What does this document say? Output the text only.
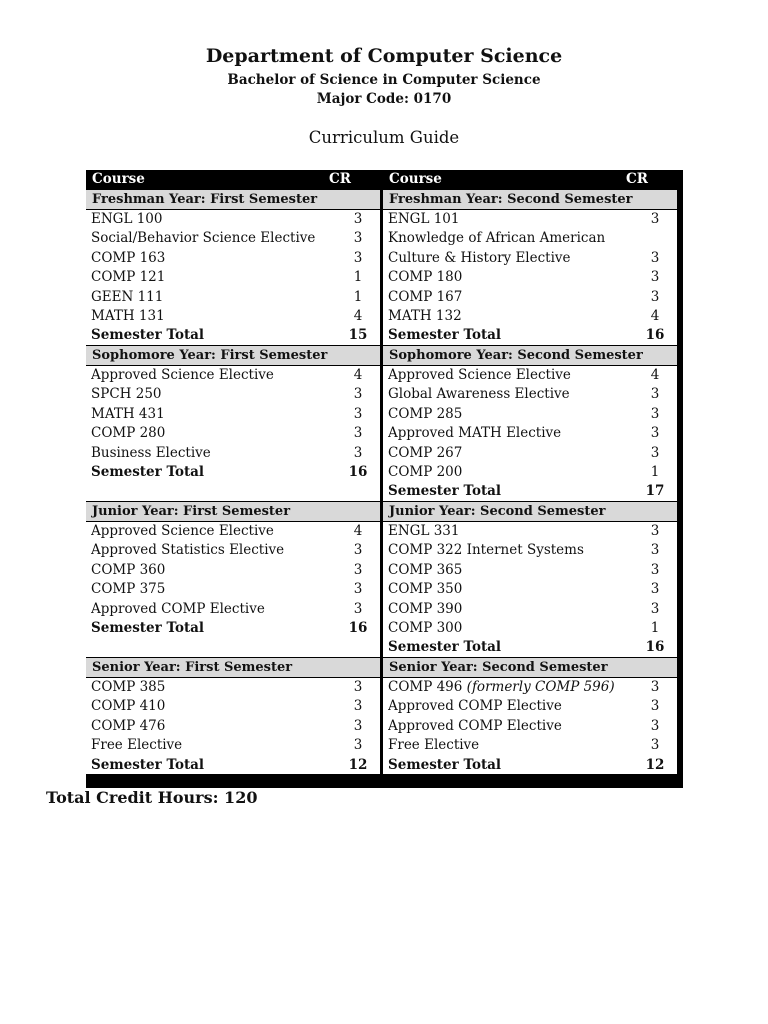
Department of Computer Science
Bachelor of Science in Computer Science
Major Code: 0170
Curriculum Guide
Course	CR
Freshman Year: First Semester
ENGL 100	3
Social/Behavior Science Elective	3
COMP 163	3
COMP 121	1
GEEN 111	1
MATH 131	4
Semester Total	15
Sophomore Year: First Semester
Approved Science Elective	4
SPCH 250	3
MATH 431	3
COMP 280	3
Business Elective	3
Semester Total	16
Junior Year: First Semester
Approved Science Elective	4
Approved Statistics Elective	3
COMP 360	3
COMP 375	3
Approved COMP Elective	3
Semester Total	16
Senior Year: First Semester
COMP 385	3
COMP 410	3
COMP 476	3
Free Elective	3
Semester Total	12
Course	CR
Freshman Year: Second Semester
ENGL 101	3
Knowledge of African American
Culture & History Elective	3
COMP 180	3
COMP 167	3
MATH 132	4
Semester Total	16
Sophomore Year: Second Semester
Approved Science Elective	4
Global Awareness Elective	3
COMP 285	3
Approved MATH Elective	3
COMP 267	3
COMP 200	1
Semester Total	17
Junior Year: Second Semester
ENGL 331	3
COMP 322 Internet Systems	3
COMP 365	3
COMP 350	3
COMP 390	3
COMP 300	1
Semester Total	16
Senior Year: Second Semester
COMP 496 (formerly COMP 596)	3
Approved COMP Elective	3
Approved COMP Elective	3
Free Elective	3
Semester Total	12
Total Credit Hours: 120
